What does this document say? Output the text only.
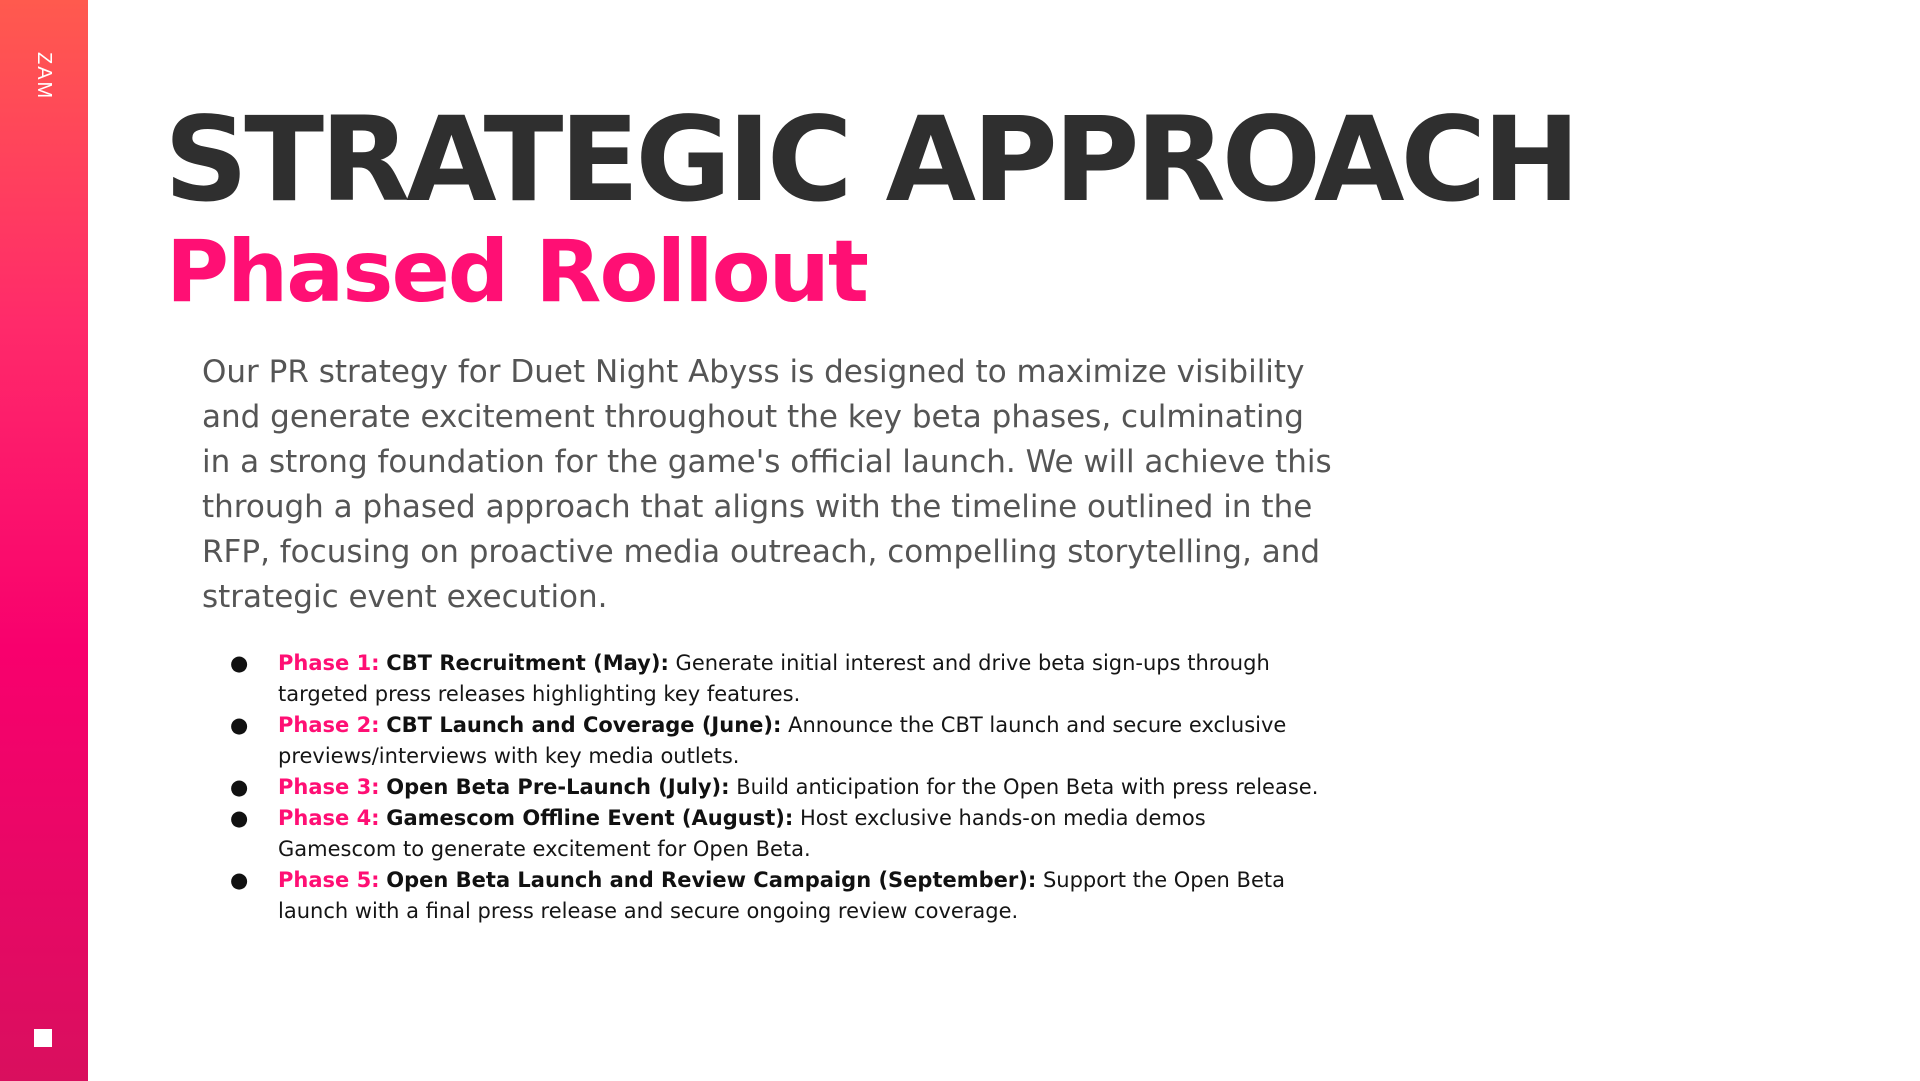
ZAM
STRATEGIC APPROACH
Phased Rollout

Our PR strategy for Duet Night Abyss is designed to maximize visibility and generate excitement throughout the key beta phases, culminating in a strong foundation for the game's official launch. We will achieve this through a phased approach that aligns with the timeline outlined in the RFP, focusing on proactive media outreach, compelling storytelling, and strategic event execution.

● Phase 1: CBT Recruitment (May): Generate initial interest and drive beta sign-ups through targeted press releases highlighting key features.
● Phase 2: CBT Launch and Coverage (June): Announce the CBT launch and secure exclusive previews/interviews with key media outlets.
● Phase 3: Open Beta Pre-Launch (July): Build anticipation for the Open Beta with press release.
● Phase 4: Gamescom Offline Event (August): Host exclusive hands-on media demos Gamescom to generate excitement for Open Beta.
● Phase 5: Open Beta Launch and Review Campaign (September): Support the Open Beta launch with a final press release and secure ongoing review coverage.
